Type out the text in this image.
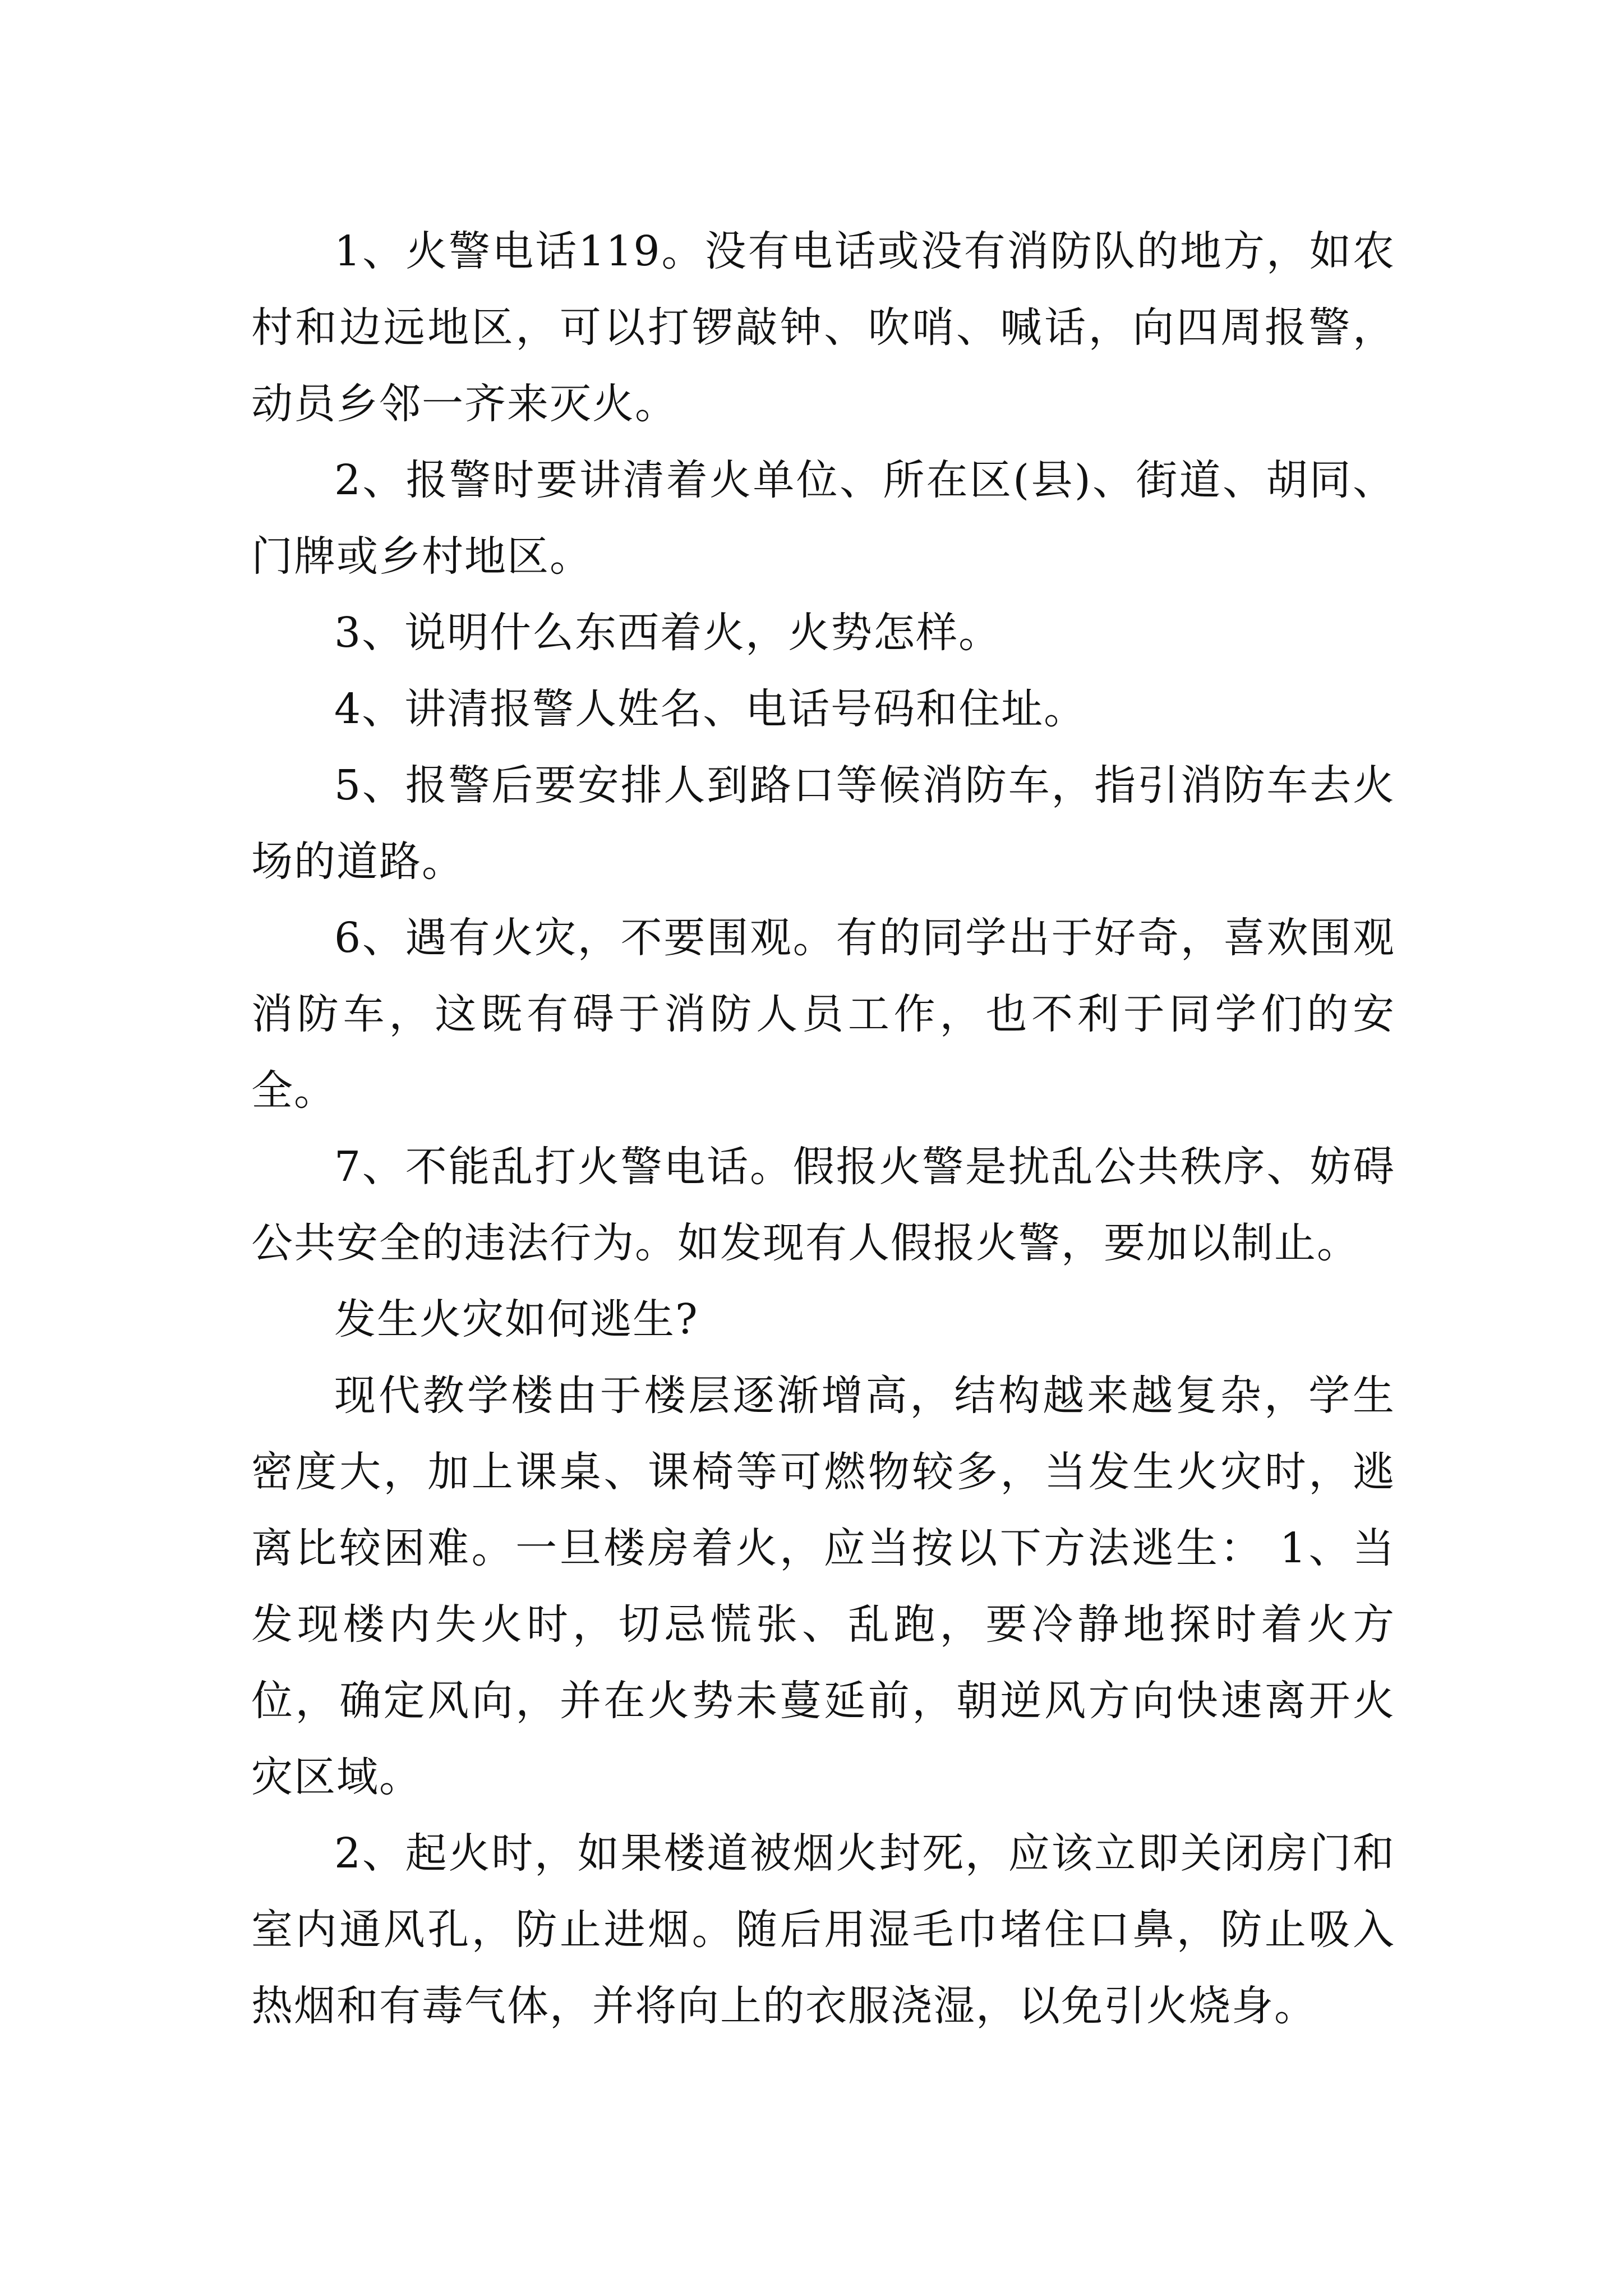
1、火警电话119。没有电话或没有消防队的地方，如农村和边远地区，可以打锣敲钟、吹哨、喊话，向四周报警，动员乡邻一齐来灭火。

2、报警时要讲清着火单位、所在区(县)、街道、胡同、门牌或乡村地区。

3、说明什么东西着火，火势怎样。

4、讲清报警人姓名、电话号码和住址。

5、报警后要安排人到路口等候消防车，指引消防车去火场的道路。

6、遇有火灾，不要围观。有的同学出于好奇，喜欢围观消防车，这既有碍于消防人员工作，也不利于同学们的安全。

7、不能乱打火警电话。假报火警是扰乱公共秩序、妨碍公共安全的违法行为。如发现有人假报火警，要加以制止。

发生火灾如何逃生?

现代教学楼由于楼层逐渐增高，结构越来越复杂，学生密度大，加上课桌、课椅等可燃物较多，当发生火灾时，逃离比较困难。一旦楼房着火，应当按以下方法逃生： 1、当发现楼内失火时，切忌慌张、乱跑，要冷静地探时着火方位，确定风向，并在火势未蔓延前，朝逆风方向快速离开火灾区域。

2、起火时，如果楼道被烟火封死，应该立即关闭房门和室内通风孔，防止进烟。随后用湿毛巾堵住口鼻，防止吸入热烟和有毒气体，并将向上的衣服浇湿，以免引火烧身。
